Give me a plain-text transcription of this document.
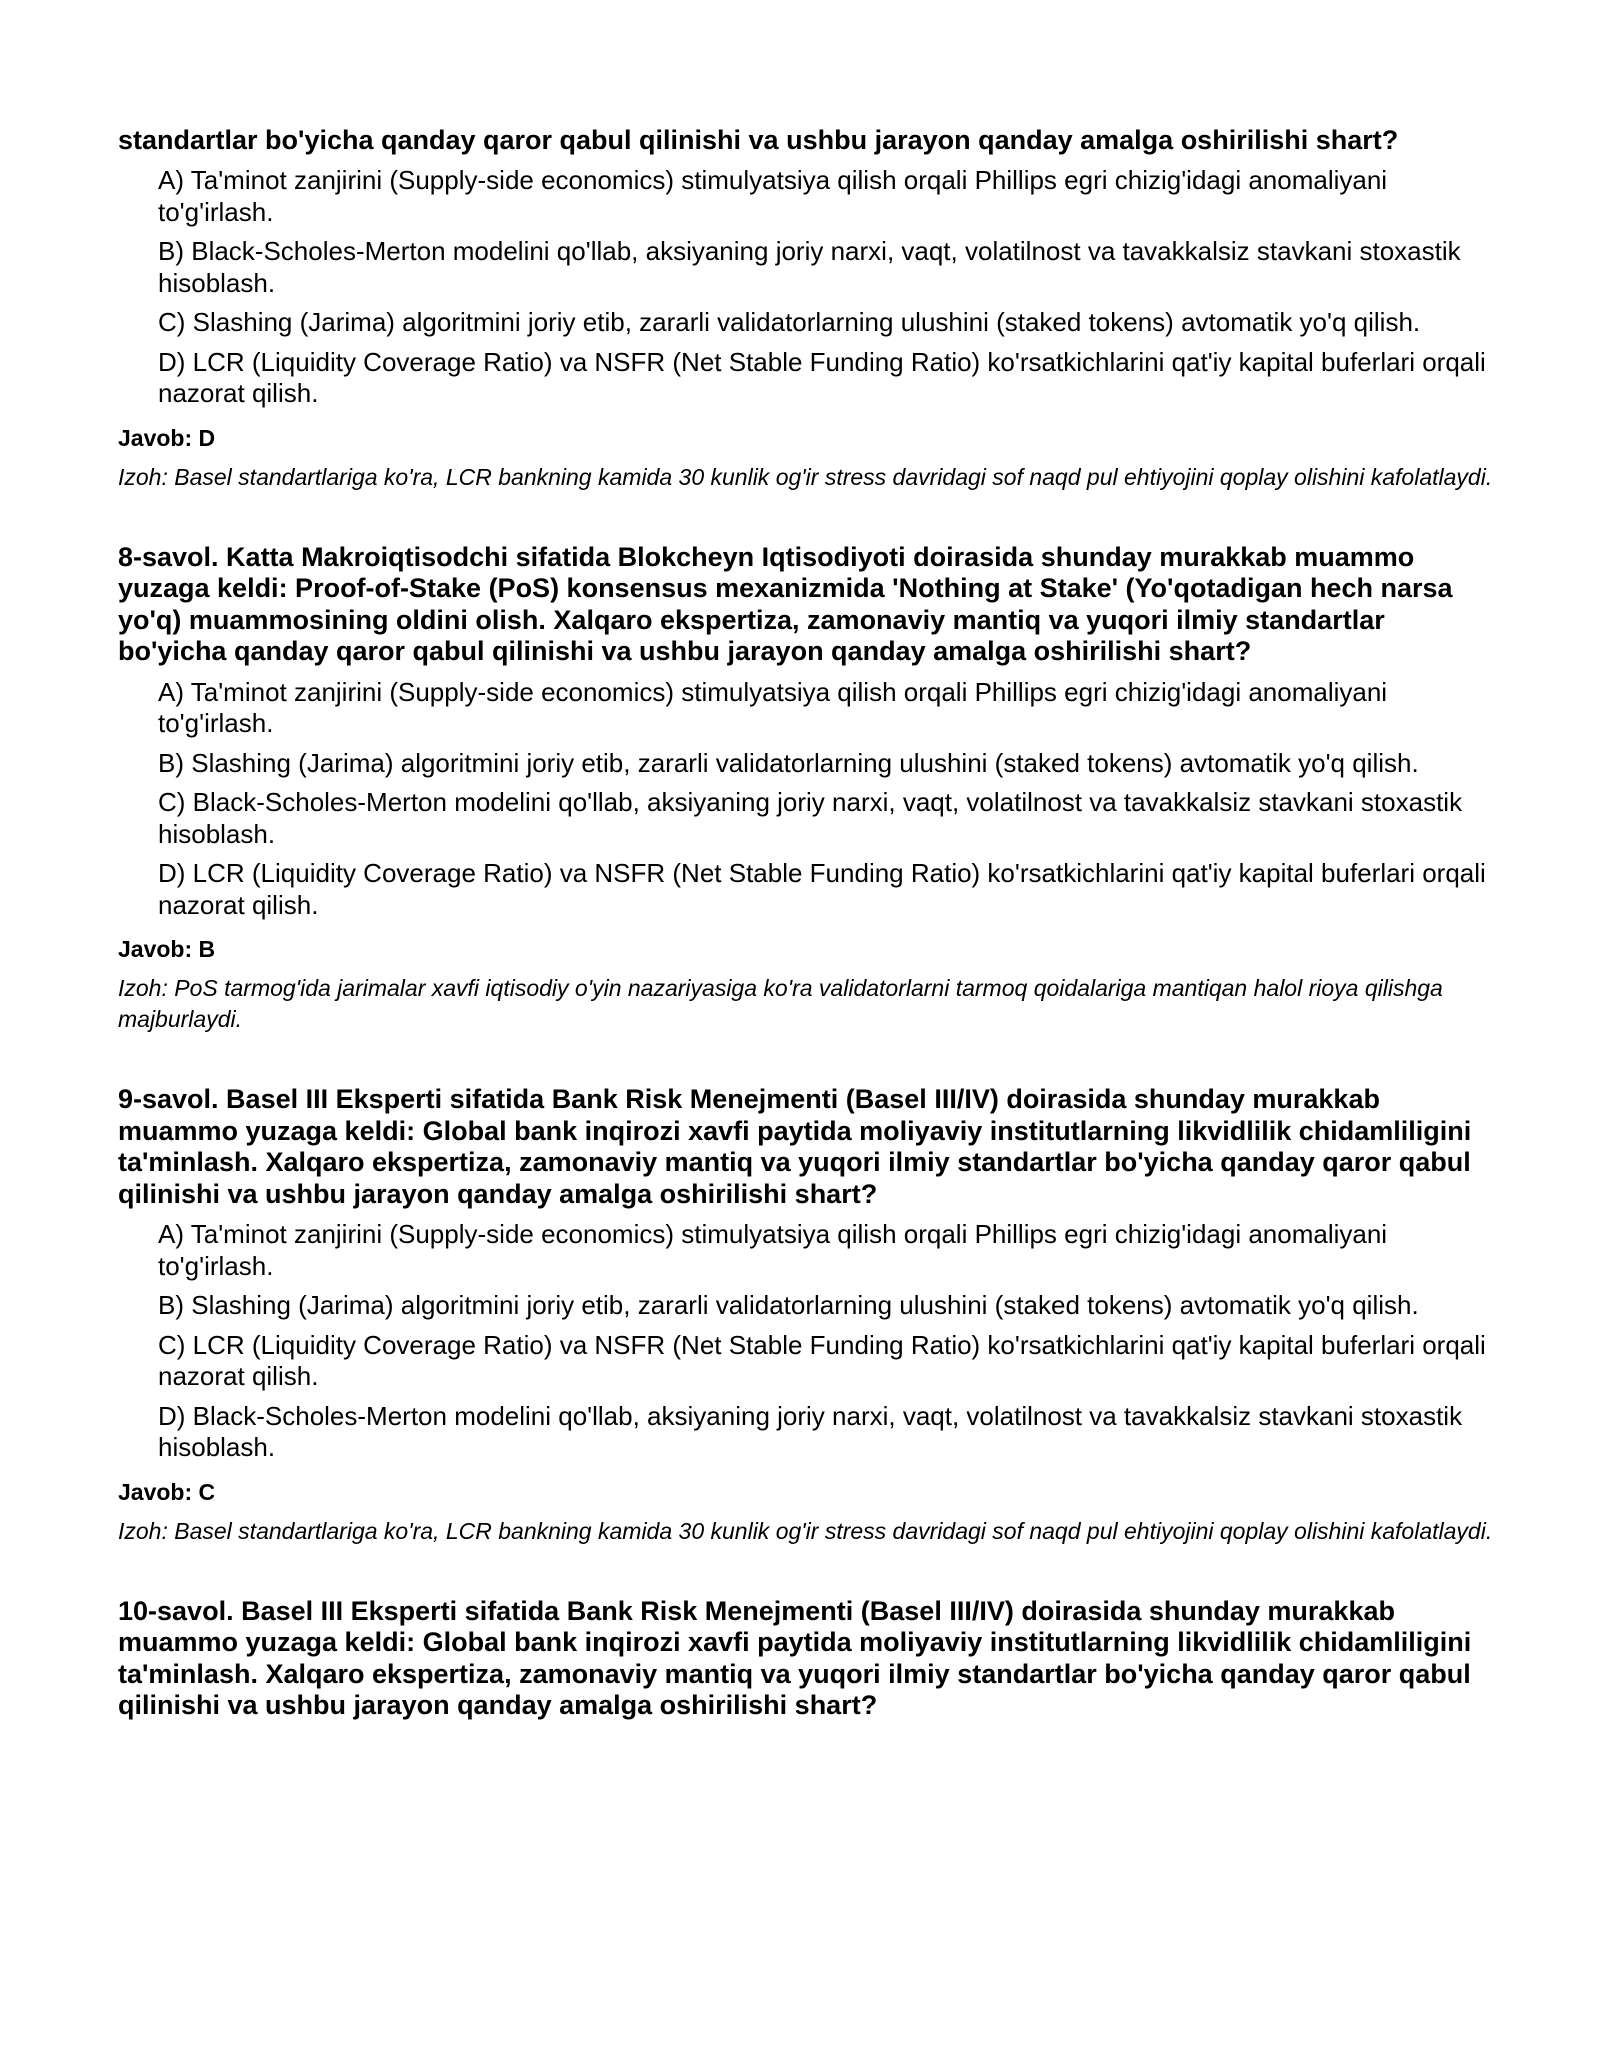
standartlar bo'yicha qanday qaror qabul qilinishi va ushbu jarayon qanday amalga oshirilishi shart?

A) Ta'minot zanjirini (Supply-side economics) stimulyatsiya qilish orqali Phillips egri chizig'idagi anomaliyani to'g'irlash.
B) Black-Scholes-Merton modelini qo'llab, aksiyaning joriy narxi, vaqt, volatilnost va tavakkalsiz stavkani stoxastik hisoblash.
C) Slashing (Jarima) algoritmini joriy etib, zararli validatorlarning ulushini (staked tokens) avtomatik yo'q qilish.
D) LCR (Liquidity Coverage Ratio) va NSFR (Net Stable Funding Ratio) ko'rsatkichlarini qat'iy kapital buferlari orqali nazorat qilish.

Javob: D

Izoh: Basel standartlariga ko'ra, LCR bankning kamida 30 kunlik og'ir stress davridagi sof naqd pul ehtiyojini qoplay olishini kafolatlaydi.

8-savol. Katta Makroiqtisodchi sifatida Blokcheyn Iqtisodiyoti doirasida shunday murakkab muammo yuzaga keldi: Proof-of-Stake (PoS) konsensus mexanizmida 'Nothing at Stake' (Yo'qotadigan hech narsa yo'q) muammosining oldini olish. Xalqaro ekspertiza, zamonaviy mantiq va yuqori ilmiy standartlar bo'yicha qanday qaror qabul qilinishi va ushbu jarayon qanday amalga oshirilishi shart?

A) Ta'minot zanjirini (Supply-side economics) stimulyatsiya qilish orqali Phillips egri chizig'idagi anomaliyani to'g'irlash.
B) Slashing (Jarima) algoritmini joriy etib, zararli validatorlarning ulushini (staked tokens) avtomatik yo'q qilish.
C) Black-Scholes-Merton modelini qo'llab, aksiyaning joriy narxi, vaqt, volatilnost va tavakkalsiz stavkani stoxastik hisoblash.
D) LCR (Liquidity Coverage Ratio) va NSFR (Net Stable Funding Ratio) ko'rsatkichlarini qat'iy kapital buferlari orqali nazorat qilish.

Javob: B

Izoh: PoS tarmog'ida jarimalar xavfi iqtisodiy o'yin nazariyasiga ko'ra validatorlarni tarmoq qoidalariga mantiqan halol rioya qilishga majburlaydi.

9-savol. Basel III Eksperti sifatida Bank Risk Menejmenti (Basel III/IV) doirasida shunday murakkab muammo yuzaga keldi: Global bank inqirozi xavfi paytida moliyaviy institutlarning likvidlilik chidamliligini ta'minlash. Xalqaro ekspertiza, zamonaviy mantiq va yuqori ilmiy standartlar bo'yicha qanday qaror qabul qilinishi va ushbu jarayon qanday amalga oshirilishi shart?

A) Ta'minot zanjirini (Supply-side economics) stimulyatsiya qilish orqali Phillips egri chizig'idagi anomaliyani to'g'irlash.
B) Slashing (Jarima) algoritmini joriy etib, zararli validatorlarning ulushini (staked tokens) avtomatik yo'q qilish.
C) LCR (Liquidity Coverage Ratio) va NSFR (Net Stable Funding Ratio) ko'rsatkichlarini qat'iy kapital buferlari orqali nazorat qilish.
D) Black-Scholes-Merton modelini qo'llab, aksiyaning joriy narxi, vaqt, volatilnost va tavakkalsiz stavkani stoxastik hisoblash.

Javob: C

Izoh: Basel standartlariga ko'ra, LCR bankning kamida 30 kunlik og'ir stress davridagi sof naqd pul ehtiyojini qoplay olishini kafolatlaydi.

10-savol. Basel III Eksperti sifatida Bank Risk Menejmenti (Basel III/IV) doirasida shunday murakkab muammo yuzaga keldi: Global bank inqirozi xavfi paytida moliyaviy institutlarning likvidlilik chidamliligini ta'minlash. Xalqaro ekspertiza, zamonaviy mantiq va yuqori ilmiy standartlar bo'yicha qanday qaror qabul qilinishi va ushbu jarayon qanday amalga oshirilishi shart?
